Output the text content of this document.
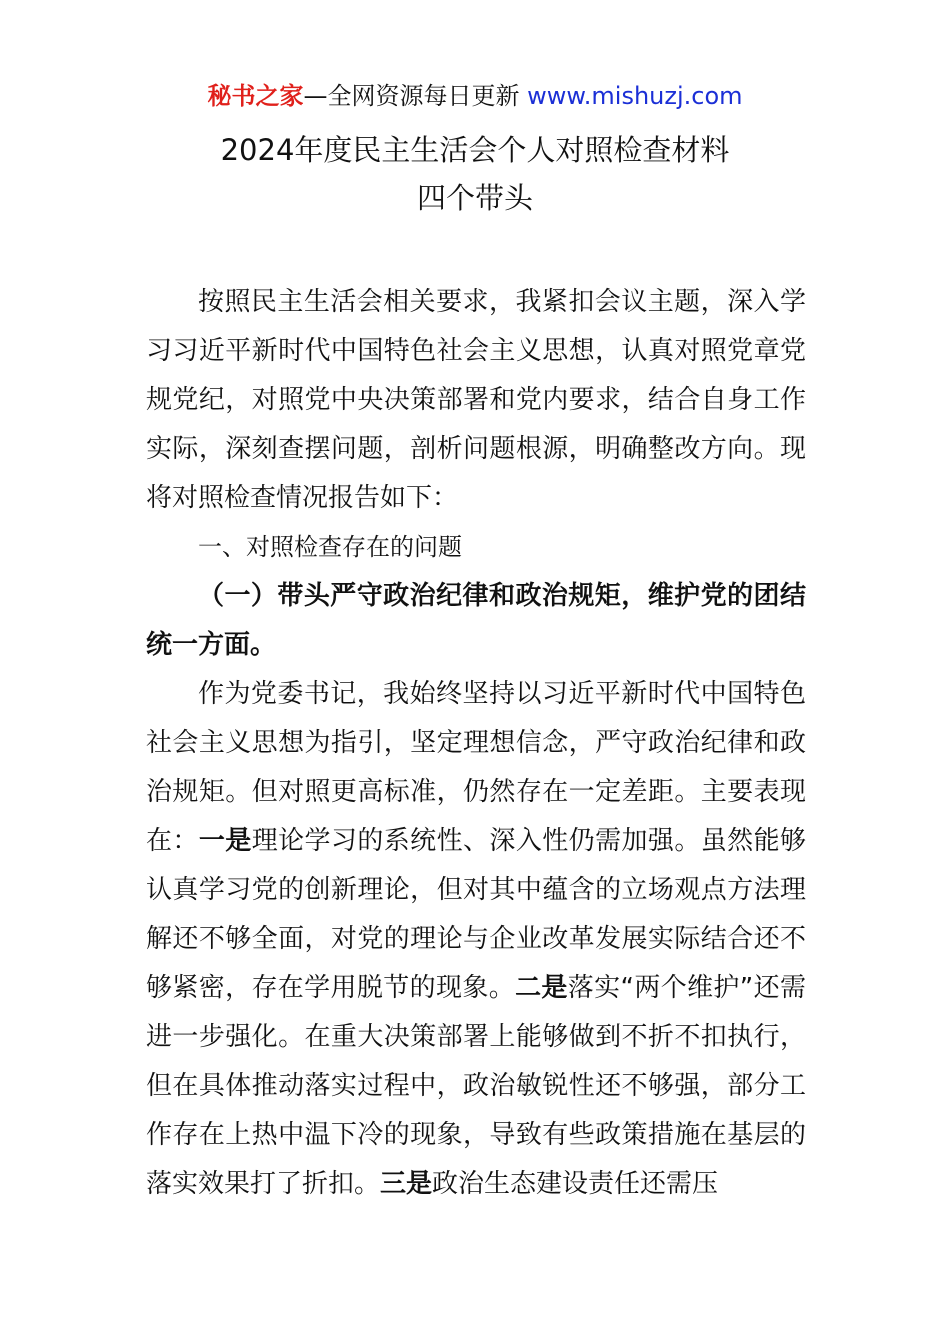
秘书之家—全网资源每日更新 www.mishuzj.com
2024年度民主生活会个人对照检查材料
四个带头

按照民主生活会相关要求，我紧扣会议主题，深入学习习近平新时代中国特色社会主义思想，认真对照党章党规党纪，对照党中央决策部署和党内要求，结合自身工作实际，深刻查摆问题，剖析问题根源，明确整改方向。现将对照检查情况报告如下：

一、对照检查存在的问题

（一）带头严守政治纪律和政治规矩，维护党的团结统一方面。

作为党委书记，我始终坚持以习近平新时代中国特色社会主义思想为指引，坚定理想信念，严守政治纪律和政治规矩。但对照更高标准，仍然存在一定差距。主要表现在：一是理论学习的系统性、深入性仍需加强。虽然能够认真学习党的创新理论，但对其中蕴含的立场观点方法理解还不够全面，对党的理论与企业改革发展实际结合还不够紧密，存在学用脱节的现象。二是落实“两个维护”还需进一步强化。在重大决策部署上能够做到不折不扣执行，但在具体推动落实过程中，政治敏锐性还不够强，部分工作存在上热中温下冷的现象，导致有些政策措施在基层的落实效果打了折扣。三是政治生态建设责任还需压
